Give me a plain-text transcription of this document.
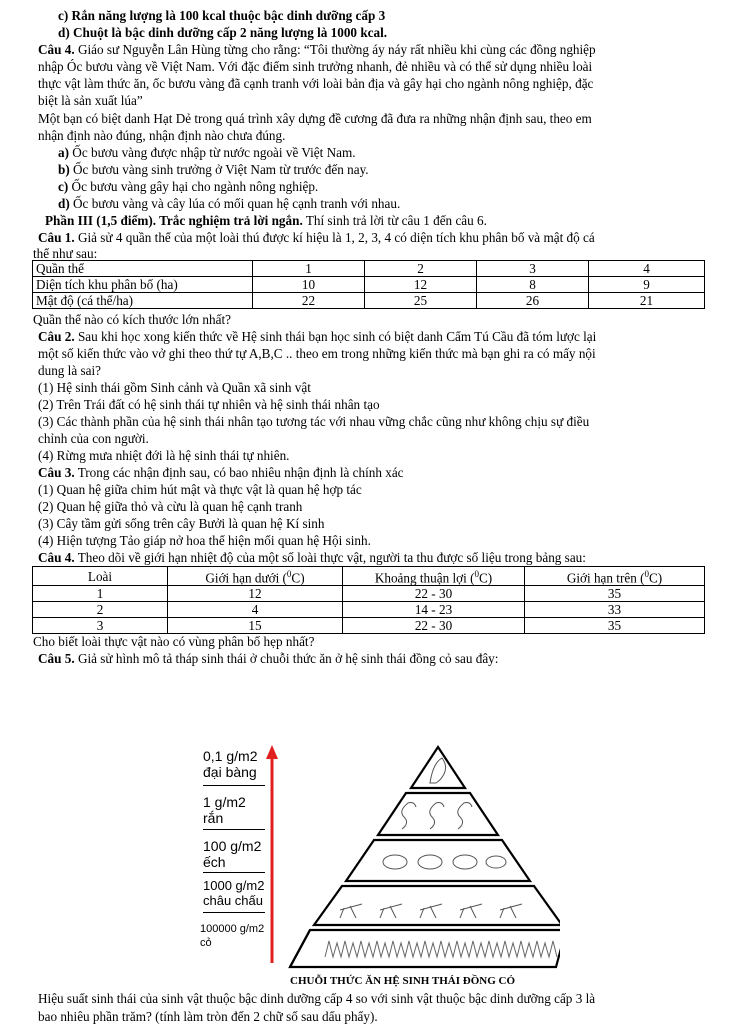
c) Rắn năng lượng là 100 kcal thuộc bậc dinh dưỡng cấp 3
d) Chuột là bậc dinh dưỡng cấp 2 năng lượng là 1000 kcal.
Câu 4. Giáo sư Nguyễn Lân Hùng từng cho rằng: “Tôi thường áy náy rất nhiều khi cùng các đồng nghiệp
nhập Óc bươu vàng về Việt Nam. Với đặc điểm sinh trưởng nhanh, đẻ nhiều và có thể sử dụng nhiều loài
thực vật làm thức ăn, ốc bươu vàng đã cạnh tranh với loài bản địa và gây hại cho ngành nông nghiệp, đặc
biệt là sản xuất lúa”
Một bạn có biệt danh Hạt Dẻ trong quá trình xây dựng đề cương đã đưa ra những nhận định sau, theo em
nhận định nào đúng, nhận định nào chưa đúng.
a) Ốc bươu vàng được nhập từ nước ngoài về Việt Nam.
b) Ốc bươu vàng sinh trưởng ở Việt Nam từ trước đến nay.
c) Ốc bươu vàng gây hại cho ngành nông nghiệp.
d) Ốc bươu vàng và cây lúa có mối quan hệ cạnh tranh với nhau.
Phần III (1,5 điểm). Trắc nghiệm trả lời ngắn. Thí sinh trả lời từ câu 1 đến câu 6.
Câu 1. Giả sử 4 quần thể của một loài thú được kí hiệu là 1, 2, 3, 4 có diện tích khu phân bố và mật độ cá
thể như sau:
Quần thể	1	2	3	4
Diện tích khu phân bố (ha)	10	12	8	9
Mật độ (cá thể/ha)	22	25	26	21
Quần thể nào có kích thước lớn nhất?
Câu 2. Sau khi học xong kiến thức về Hệ sinh thái bạn học sinh có biệt danh Cẩm Tú Cầu đã tóm lược lại
một số kiến thức vào vở ghi theo thứ tự A,B,C .. theo em trong những kiến thức mà bạn ghi ra có mấy nội
dung là sai?
(1) Hệ sinh thái gồm Sinh cảnh và Quần xã sinh vật
(2) Trên Trái đất có hệ sinh thái tự nhiên và hệ sinh thái nhân tạo
(3) Các thành phần của hệ sinh thái nhân tạo tương tác với nhau vững chắc cũng như không chịu sự điều
chỉnh của con người.
(4) Rừng mưa nhiệt đới là hệ sinh thái tự nhiên.
Câu 3. Trong các nhận định sau, có bao nhiêu nhận định là chính xác
(1) Quan hệ giữa chim hút mật và thực vật là quan hệ hợp tác
(2) Quan hệ giữa thỏ và cừu là quan hệ cạnh tranh
(3) Cây tầm gửi sống trên cây Bưởi là quan hệ Kí sinh
(4) Hiện tượng Tảo giáp nở hoa thể hiện mối quan hệ Hội sinh.
Câu 4. Theo dõi về giới hạn nhiệt độ của một số loài thực vật, người ta thu được số liệu trong bảng sau:
Loài	Giới hạn dưới ($^0$C)	Khoảng thuận lợi ($^0$C)	Giới hạn trên ($^0$C)
1	12	22 - 30	35
2	4	14 - 23	33
3	15	22 - 30	35
Cho biết loài thực vật nào có vùng phân bố hẹp nhất?
Câu 5. Giả sử hình mô tả tháp sinh thái ở chuỗi thức ăn ở hệ sinh thái đồng cỏ sau đây:
0,1 g/m2
đại bàng
1 g/m2
rắn
100 g/m2
ếch
1000 g/m2
châu chấu
100000 g/m2
cỏ
CHUỖI THỨC ĂN HỆ SINH THÁI ĐỒNG CỎ
Hiệu suất sinh thái của sinh vật thuộc bậc dinh dưỡng cấp 4 so với sinh vật thuộc bậc dinh dưỡng cấp 3 là
bao nhiêu phần trăm? (tính làm tròn đến 2 chữ số sau dấu phẩy).
